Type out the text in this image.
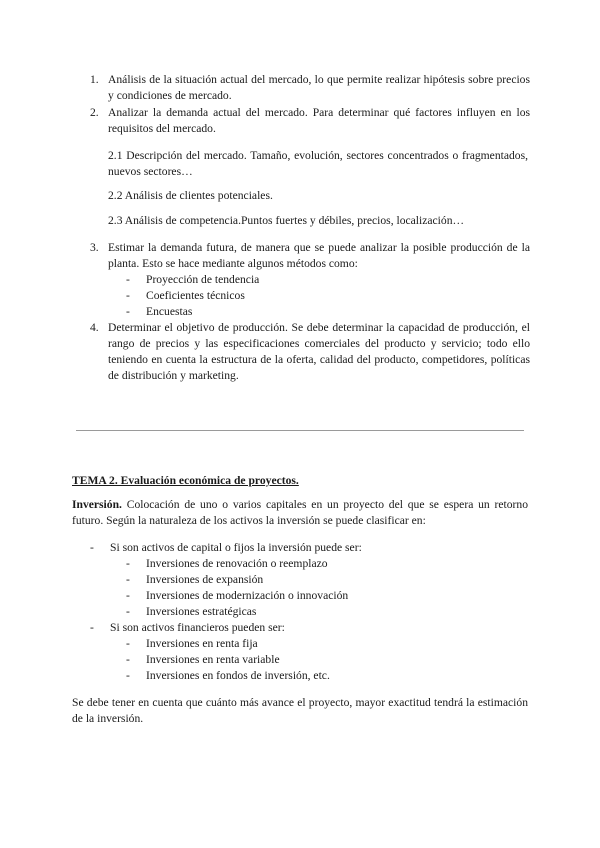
1. Análisis de la situación actual del mercado, lo que permite realizar hipótesis sobre precios y condiciones de mercado.
2. Analizar la demanda actual del mercado. Para determinar qué factores influyen en los requisitos del mercado.
2.1 Descripción del mercado. Tamaño, evolución, sectores concentrados o fragmentados, nuevos sectores…
2.2 Análisis de clientes potenciales.
2.3 Análisis de competencia.Puntos fuertes y débiles, precios, localización…
3. Estimar la demanda futura, de manera que se puede analizar la posible producción de la planta. Esto se hace mediante algunos métodos como:
- Proyección de tendencia
- Coeficientes técnicos
- Encuestas
4. Determinar el objetivo de producción. Se debe determinar la capacidad de producción, el rango de precios y las especificaciones comerciales del producto y servicio; todo ello teniendo en cuenta la estructura de la oferta, calidad del producto, competidores, políticas de distribución y marketing.
TEMA 2. Evaluación económica de proyectos.
Inversión. Colocación de uno o varios capitales en un proyecto del que se espera un retorno futuro. Según la naturaleza de los activos la inversión se puede clasificar en:
- Si son activos de capital o fijos la inversión puede ser:
- Inversiones de renovación o reemplazo
- Inversiones de expansión
- Inversiones de modernización o innovación
- Inversiones estratégicas
- Si son activos financieros pueden ser:
- Inversiones en renta fija
- Inversiones en renta variable
- Inversiones en fondos de inversión, etc.
Se debe tener en cuenta que cuánto más avance el proyecto, mayor exactitud tendrá la estimación de la inversión.
